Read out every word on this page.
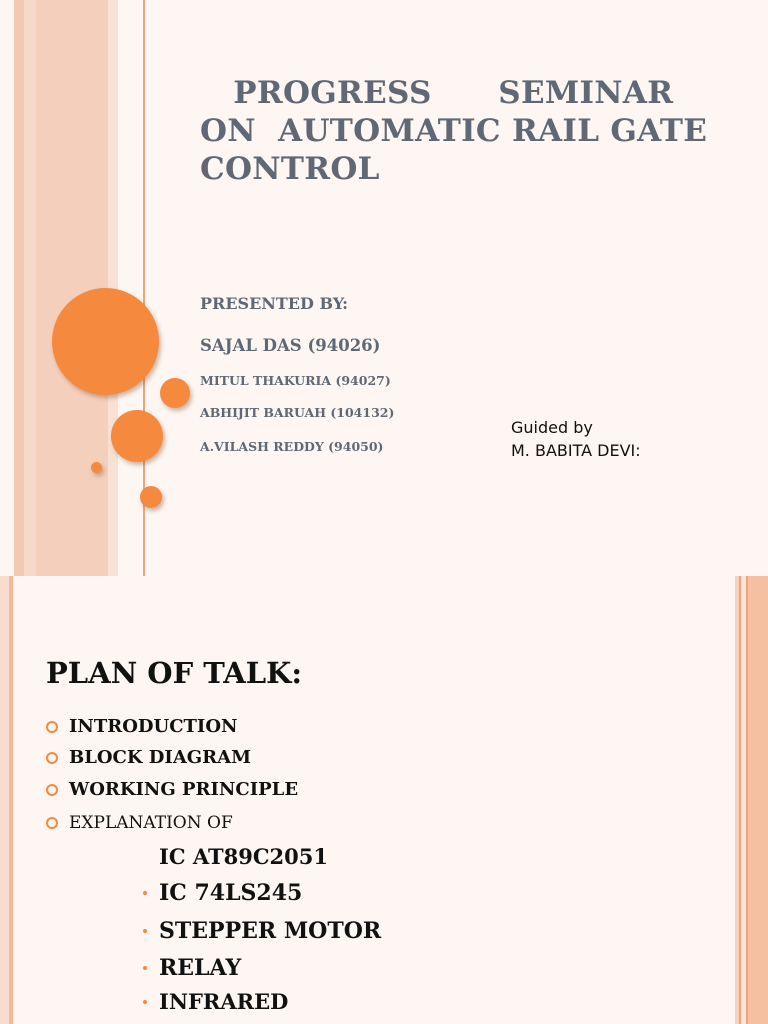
PROGRESS      SEMINAR
ON  AUTOMATIC RAIL GATE
CONTROL

PRESENTED BY:

SAJAL DAS (94026)

MITUL THAKURIA (94027)

ABHIJIT BARUAH (104132)

A.VILASH REDDY (94050)

Guided by

M. BABITA DEVI:

PLAN OF TALK:
INTRODUCTION
BLOCK DIAGRAM
WORKING PRINCIPLE
EXPLANATION OF
IC AT89C2051
IC 74LS245
STEPPER MOTOR
RELAY
INFRARED
